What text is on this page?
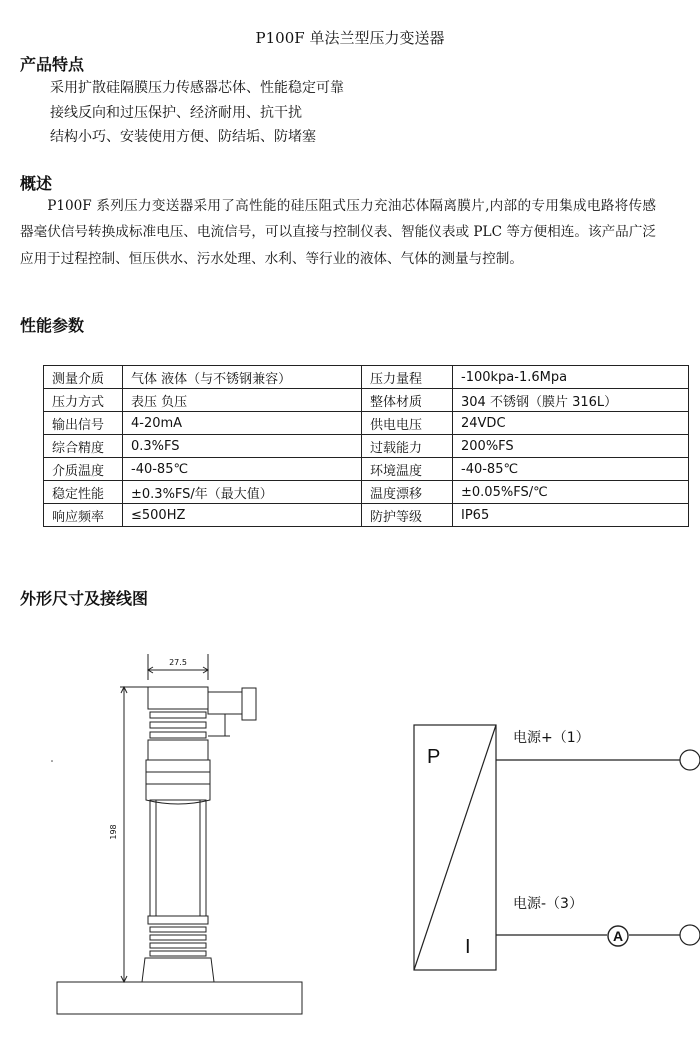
P100F 单法兰型压力变送器
产品特点
采用扩散硅隔膜压力传感器芯体、性能稳定可靠
接线反向和过压保护、经济耐用、抗干扰
结构小巧、安装使用方便、防结垢、防堵塞
概述
P100F 系列压力变送器采用了高性能的硅压阻式压力充油芯体隔离膜片,内部的专用集成电路将传感器毫伏信号转换成标准电压、电流信号，可以直接与控制仪表、智能仪表或 PLC 等方便相连。该产品广泛应用于过程控制、恒压供水、污水处理、水利、等行业的液体、气体的测量与控制。
性能参数
测量介质	气体 液体（与不锈钢兼容）	压力量程	-100kpa-1.6Mpa
压力方式	表压 负压	整体材质	304 不锈钢（膜片 316L）
输出信号	4-20mA	供电电压	24VDC
综合精度	0.3%FS	过载能力	200%FS
介质温度	-40-85℃	环境温度	-40-85℃
稳定性能	±0.3%FS/年（最大值）	温度漂移	±0.05%FS/℃
响应频率	≤500HZ	防护等级	IP65
外形尺寸及接线图
27.5
198
P
I
电源+（1）
电源-（3）
A
